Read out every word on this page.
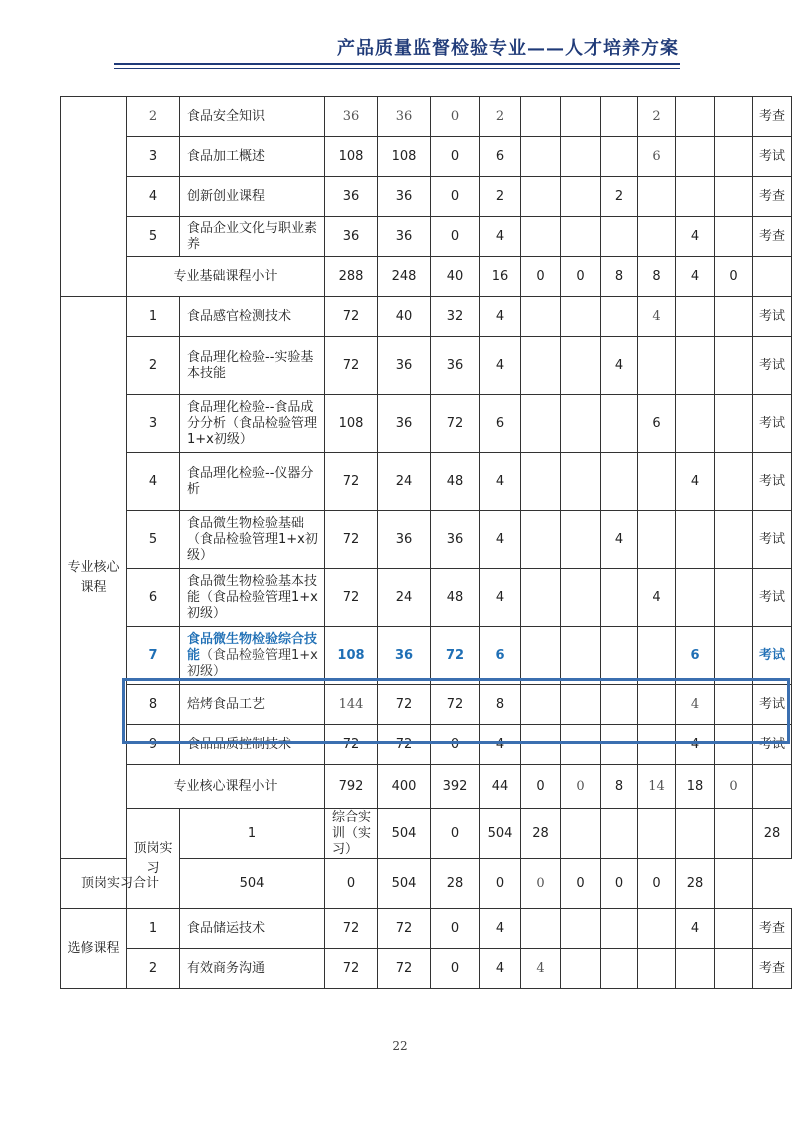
产品质量监督检验专业——人才培养方案
	2	食品安全知识	36	36	0	2				2			考查	
	3	食品加工概述	108	108	0	6				6			考试	
	4	创新创业课程	36	36	0	2			2				考查	
	5	食品企业文化与职业素养	36	36	0	4					4		考查	
	专业基础课程小计		288	248	40	16	0	0	8	8	4	0		
专业核心课程	1	食品感官检测技术	72	40	32	4				4			考试	
	2	食品理化检验--实验基本技能	72	36	36	4			4				考试	
	3	食品理化检验--食品成分分析（食品检验管理1+x初级）	108	36	72	6				6			考试	
	4	食品理化检验--仪器分析	72	24	48	4					4		考试	
	5	食品微生物检验基础（食品检验管理1+x初级）	72	36	36	4			4				考试	
	6	食品微生物检验基本技能（食品检验管理1+x初级）	72	24	48	4				4			考试	
	7	食品微生物检验综合技能（食品检验管理1+x初级）	108	36	72	6					6		考试	
	8	焙烤食品工艺	144	72	72	8					4		考试	
	9	食品品质控制技术	72	72	0	4					4		考试	
	专业核心课程小计		792	400	392	44	0	0	8	14	18	0		
	顶岗实习	1	综合实训（实习）	504	0	504	28						28	
顶岗实习合计		504	0	504	28	0	0	0	0	0	28			
选修课程	1	食品储运技术	72	72	0	4					4		考查	
	2	有效商务沟通	72	72	0	4	4						考查	
22
